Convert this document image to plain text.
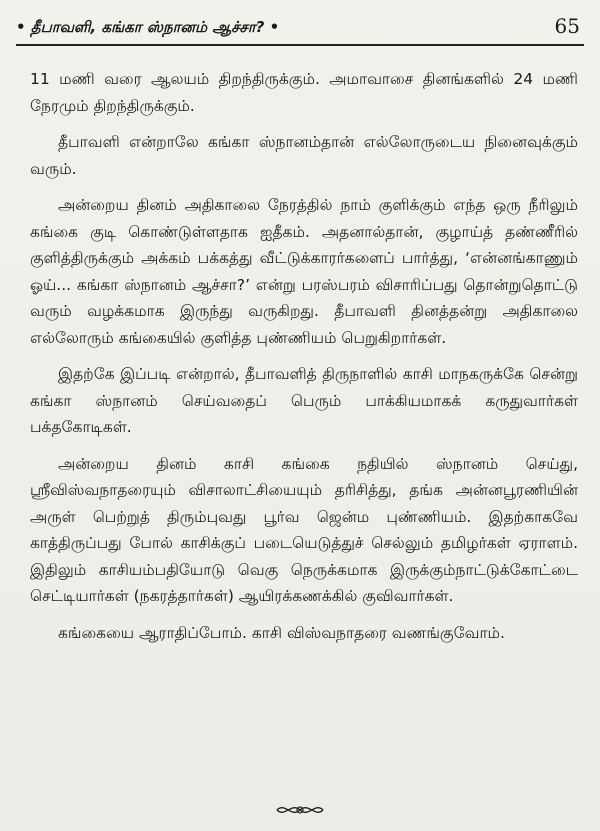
• தீபாவளி, கங்கா ஸ்நானம் ஆச்சா? •	65

11 மணி வரை ஆலயம் திறந்திருக்கும். அமாவாசை தினங்களில் 24 மணி நேரமும் திறந்திருக்கும்.

தீபாவளி என்றாலே கங்கா ஸ்நானம்தான் எல்லோருடைய நினைவுக்கும் வரும்.

அன்றைய தினம் அதிகாலை நேரத்தில் நாம் குளிக்கும் எந்த ஒரு நீரிலும் கங்கை குடி கொண்டுள்ளதாக ஐதீகம். அதனால்தான், குழாய்த் தண்ணீரில் குளித்திருக்கும் அக்கம் பக்கத்து வீட்டுக்காரர்களைப் பார்த்து, ‘என்னங்காணும் ஓய்... கங்கா ஸ்நானம் ஆச்சா?’ என்று பரஸ்பரம் விசாரிப்பது தொன்றுதொட்டு வரும் வழக்கமாக இருந்து வருகிறது. தீபாவளி தினத்தன்று அதிகாலை எல்லோரும் கங்கையில் குளித்த புண்ணியம் பெறுகிறார்கள்.

இதற்கே இப்படி என்றால், தீபாவளித் திருநாளில் காசி மாநகருக்கே சென்று கங்கா ஸ்நானம் செய்வதைப் பெரும் பாக்கியமாகக் கருதுவார்கள் பக்தகோடிகள்.

அன்றைய தினம் காசி கங்கை நதியில் ஸ்நானம் செய்து, ஸ்ரீவிஸ்வநாதரையும் விசாலாட்சியையும் தரிசித்து, தங்க அன்னபூரணியின் அருள் பெற்றுத் திரும்புவது பூர்வ ஜென்ம புண்ணியம். இதற்காகவே காத்திருப்பது போல் காசிக்குப் படையெடுத்துச் செல்லும் தமிழர்கள் ஏராளம். இதிலும் காசியம்பதியோடு வெகு நெருக்கமாக இருக்கும்நாட்டுக்கோட்டை செட்டியார்கள் (நகரத்தார்கள்) ஆயிரக்கணக்கில் குவிவார்கள்.

கங்கையை ஆராதிப்போம். காசி விஸ்வநாதரை வணங்குவோம்.
